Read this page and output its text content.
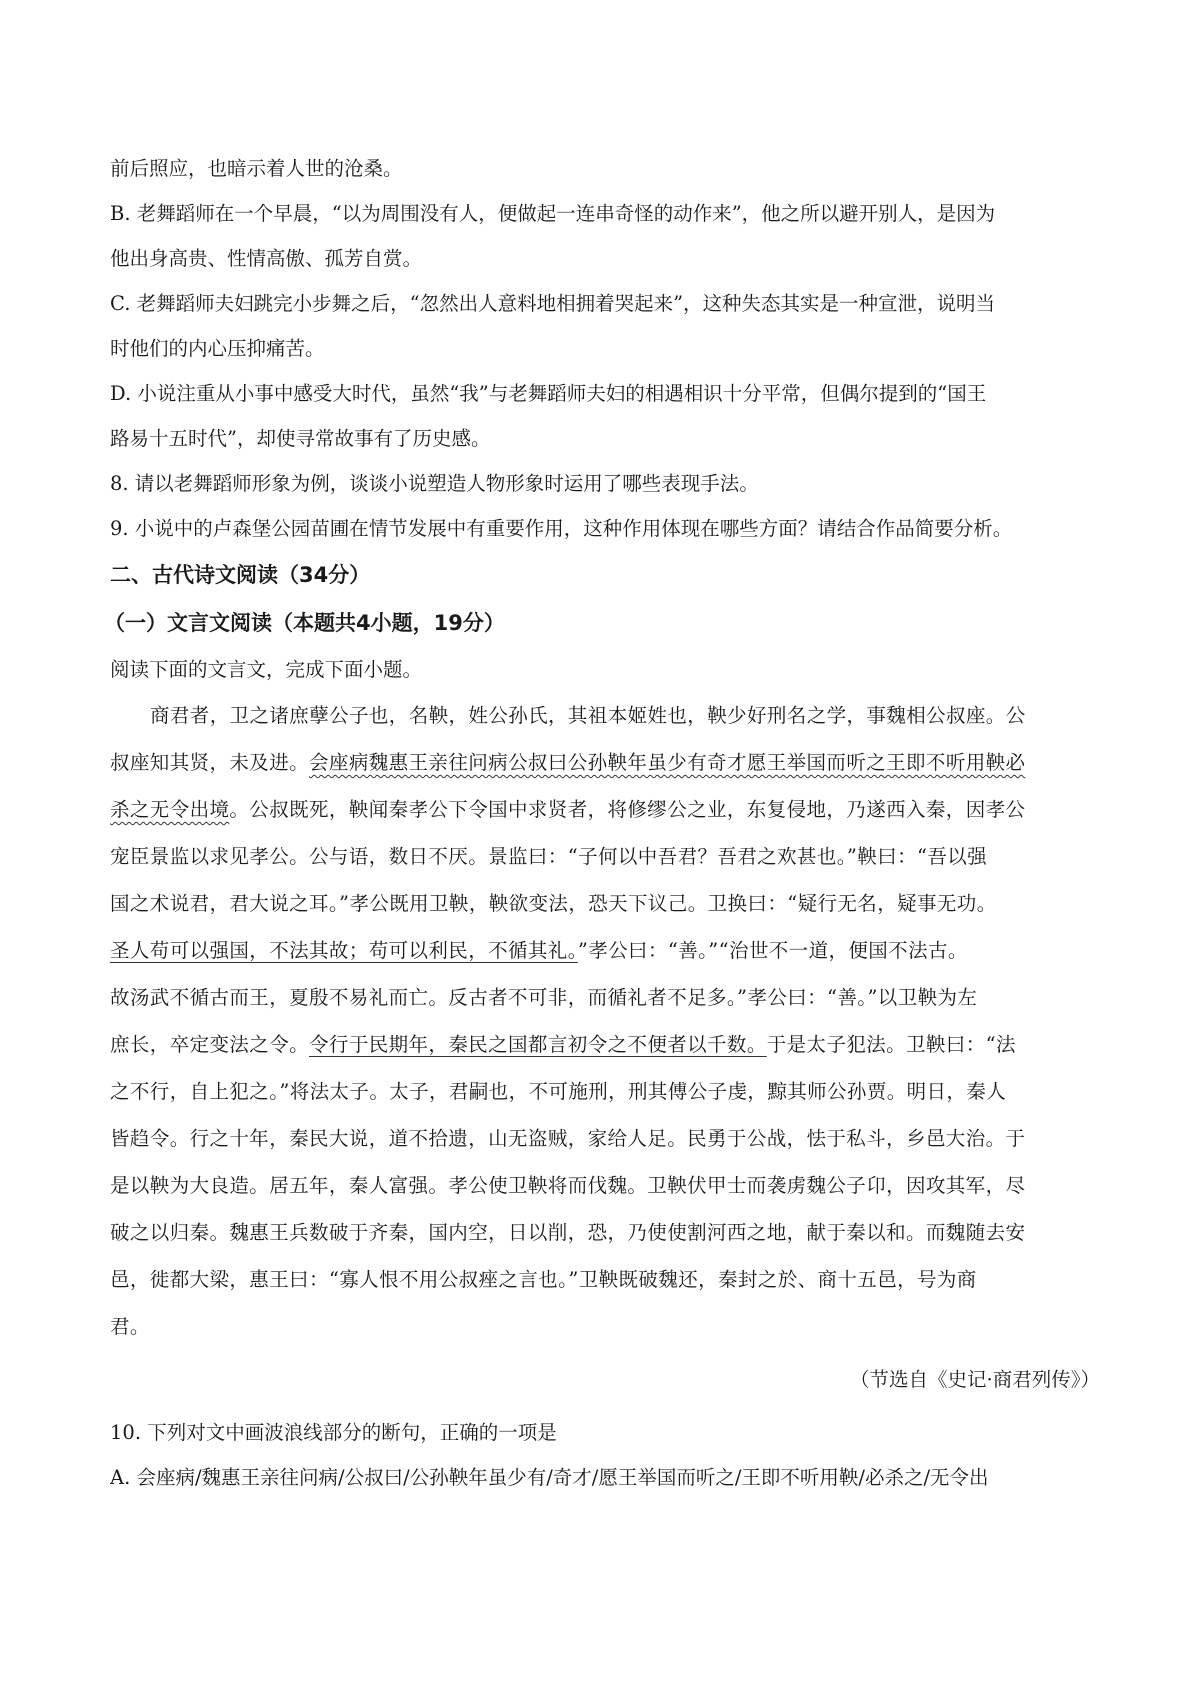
前后照应，也暗示着人世的沧桑。
B. 老舞蹈师在一个早晨，“以为周围没有人，便做起一连串奇怪的动作来”，他之所以避开别人，是因为
他出身高贵、性情高傲、孤芳自赏。
C. 老舞蹈师夫妇跳完小步舞之后，“忽然出人意料地相拥着哭起来”，这种失态其实是一种宣泄，说明当
时他们的内心压抑痛苦。
D. 小说注重从小事中感受大时代，虽然“我”与老舞蹈师夫妇的相遇相识十分平常，但偶尔提到的“国王
路易十五时代”，却使寻常故事有了历史感。
8. 请以老舞蹈师形象为例，谈谈小说塑造人物形象时运用了哪些表现手法。
9. 小说中的卢森堡公园苗圃在情节发展中有重要作用，这种作用体现在哪些方面？请结合作品简要分析。
二、古代诗文阅读（34分）
（一）文言文阅读（本题共4小题，19分）
阅读下面的文言文，完成下面小题。
商君者，卫之诸庶孽公子也，名鞅，姓公孙氏，其祖本姬姓也，鞅少好刑名之学，事魏相公叔座。公
叔座知其贤，未及进。会座病魏惠王亲往问病公叔曰公孙鞅年虽少有奇才愿王举国而听之王即不听用鞅必
杀之无令出境。公叔既死，鞅闻秦孝公下令国中求贤者，将修缪公之业，东复侵地，乃遂西入秦，因孝公
宠臣景监以求见孝公。公与语，数日不厌。景监曰：“子何以中吾君？吾君之欢甚也。”鞅曰：“吾以强
国之术说君，君大说之耳。”孝公既用卫鞅，鞅欲变法，恐天下议己。卫换曰：“疑行无名，疑事无功。
圣人苟可以强国，不法其故；苟可以利民，不循其礼。”孝公曰：“善。”“治世不一道，便国不法古。
故汤武不循古而王，夏殷不易礼而亡。反古者不可非，而循礼者不足多。”孝公曰：“善。”以卫鞅为左
庶长，卒定变法之令。令行于民期年，秦民之国都言初令之不便者以千数。于是太子犯法。卫鞅曰：“法
之不行，自上犯之。”将法太子。太子，君嗣也，不可施刑，刑其傅公子虔，黥其师公孙贾。明日，秦人
皆趋令。行之十年，秦民大说，道不拾遗，山无盗贼，家给人足。民勇于公战，怯于私斗，乡邑大治。于
是以鞅为大良造。居五年，秦人富强。孝公使卫鞅将而伐魏。卫鞅伏甲士而袭虏魏公子卬，因攻其军，尽
破之以归秦。魏惠王兵数破于齐秦，国内空，日以削，恐，乃使使割河西之地，献于秦以和。而魏随去安
邑，徙都大梁，惠王曰：“寡人恨不用公叔痤之言也。”卫鞅既破魏还，秦封之於、商十五邑，号为商
君。
（节选自《史记·商君列传》）
10. 下列对文中画波浪线部分的断句，正确的一项是
A. 会座病/魏惠王亲往问病/公叔曰/公孙鞅年虽少有/奇才/愿王举国而听之/王即不听用鞅/必杀之/无令出
